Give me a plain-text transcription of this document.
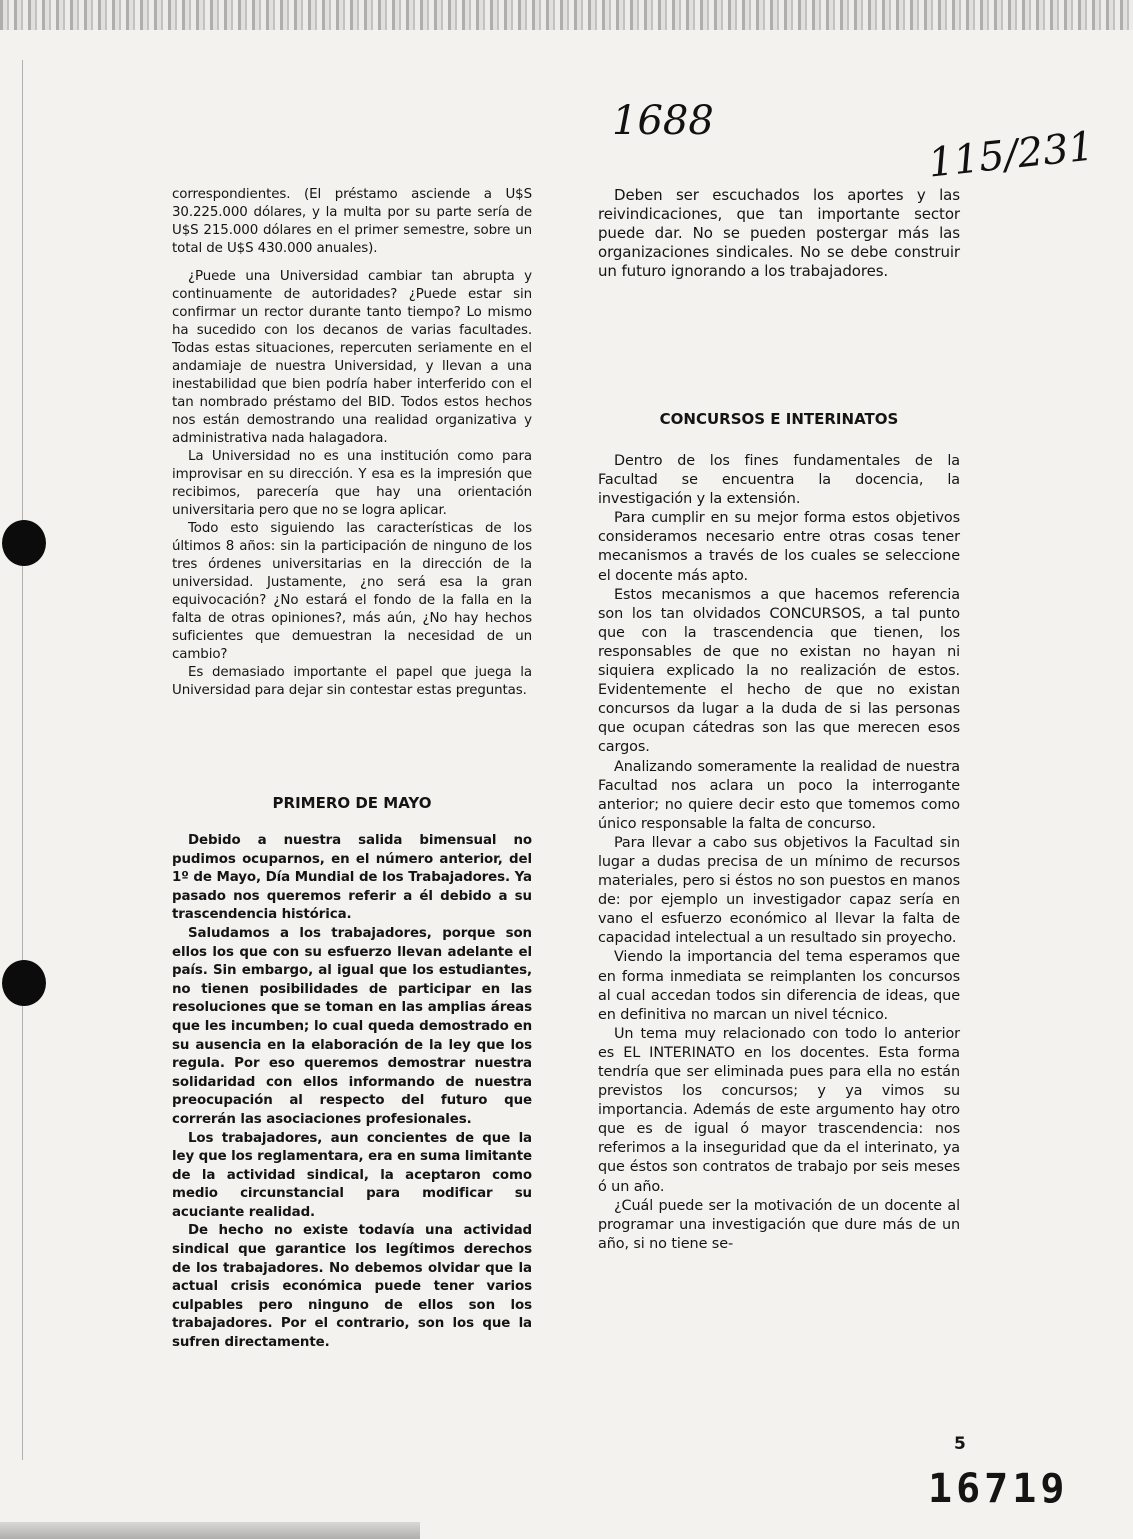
1688
115/231

correspondientes. (El préstamo asciende a U$S 30.225.000 dólares, y la multa por su parte sería de U$S 215.000 dólares en el primer semestre, sobre un total de U$S 430.000 anuales).

¿Puede una Universidad cambiar tan abrupta y continuamente de autoridades? ¿Puede estar sin confirmar un rector durante tanto tiempo? Lo mismo ha sucedido con los decanos de varias facultades. Todas estas situaciones, repercuten seriamente en el andamiaje de nuestra Universidad, y llevan a una inestabilidad que bien podría haber interferido con el tan nombrado préstamo del BID. Todos estos hechos nos están demostrando una realidad organizativa y administrativa nada halagadora.

La Universidad no es una institución como para improvisar en su dirección. Y esa es la impresión que recibimos, parecería que hay una orientación universitaria pero que no se logra aplicar.

Todo esto siguiendo las características de los últimos 8 años: sin la participación de ninguno de los tres órdenes universitarias en la dirección de la universidad. Justamente, ¿no será esa la gran equivocación? ¿No estará el fondo de la falla en la falta de otras opiniones?, más aún, ¿No hay hechos suficientes que demuestran la necesidad de un cambio?

Es demasiado importante el papel que juega la Universidad para dejar sin contestar estas preguntas.

PRIMERO DE MAYO

Debido a nuestra salida bimensual no pudimos ocuparnos, en el número anterior, del 1º de Mayo, Día Mundial de los Trabajadores. Ya pasado nos queremos referir a él debido a su trascendencia histórica.

Saludamos a los trabajadores, porque son ellos los que con su esfuerzo llevan adelante el país. Sin embargo, al igual que los estudiantes, no tienen posibilidades de participar en las resoluciones que se toman en las amplias áreas que les incumben; lo cual queda demostrado en su ausencia en la elaboración de la ley que los regula. Por eso queremos demostrar nuestra solidaridad con ellos informando de nuestra preocupación al respecto del futuro que correrán las asociaciones profesionales.

Los trabajadores, aun concientes de que la ley que los reglamentara, era en suma limitante de la actividad sindical, la aceptaron como medio circunstancial para modificar su acuciante realidad.

De hecho no existe todavía una actividad sindical que garantice los legítimos derechos de los trabajadores. No debemos olvidar que la actual crisis económica puede tener varios culpables pero ninguno de ellos son los trabajadores. Por el contrario, son los que la sufren directamente.

Deben ser escuchados los aportes y las reivindicaciones, que tan importante sector puede dar. No se pueden postergar más las organizaciones sindicales. No se debe construir un futuro ignorando a los trabajadores.

CONCURSOS E INTERINATOS

Dentro de los fines fundamentales de la Facultad se encuentra la docencia, la investigación y la extensión.

Para cumplir en su mejor forma estos objetivos consideramos necesario entre otras cosas tener mecanismos a través de los cuales se seleccione el docente más apto.

Estos mecanismos a que hacemos referencia son los tan olvidados CONCURSOS, a tal punto que con la trascendencia que tienen, los responsables de que no existan no hayan ni siquiera explicado la no realización de estos. Evidentemente el hecho de que no existan concursos da lugar a la duda de si las personas que ocupan cátedras son las que merecen esos cargos.

Analizando someramente la realidad de nuestra Facultad nos aclara un poco la interrogante anterior; no quiere decir esto que tomemos como único responsable la falta de concurso.

Para llevar a cabo sus objetivos la Facultad sin lugar a dudas precisa de un mínimo de recursos materiales, pero si éstos no son puestos en manos de: por ejemplo un investigador capaz sería en vano el esfuerzo económico al llevar la falta de capacidad intelectual a un resultado sin proyecho.

Viendo la importancia del tema esperamos que en forma inmediata se reimplanten los concursos al cual accedan todos sin diferencia de ideas, que en definitiva no marcan un nivel técnico.

Un tema muy relacionado con todo lo anterior es EL INTERINATO en los docentes. Esta forma tendría que ser eliminada pues para ella no están previstos los concursos; y ya vimos su importancia. Además de este argumento hay otro que es de igual ó mayor trascendencia: nos referimos a la inseguridad que da el interinato, ya que éstos son contratos de trabajo por seis meses ó un año.

¿Cuál puede ser la motivación de un docente al programar una investigación que dure más de un año, si no tiene se-

5
16719
